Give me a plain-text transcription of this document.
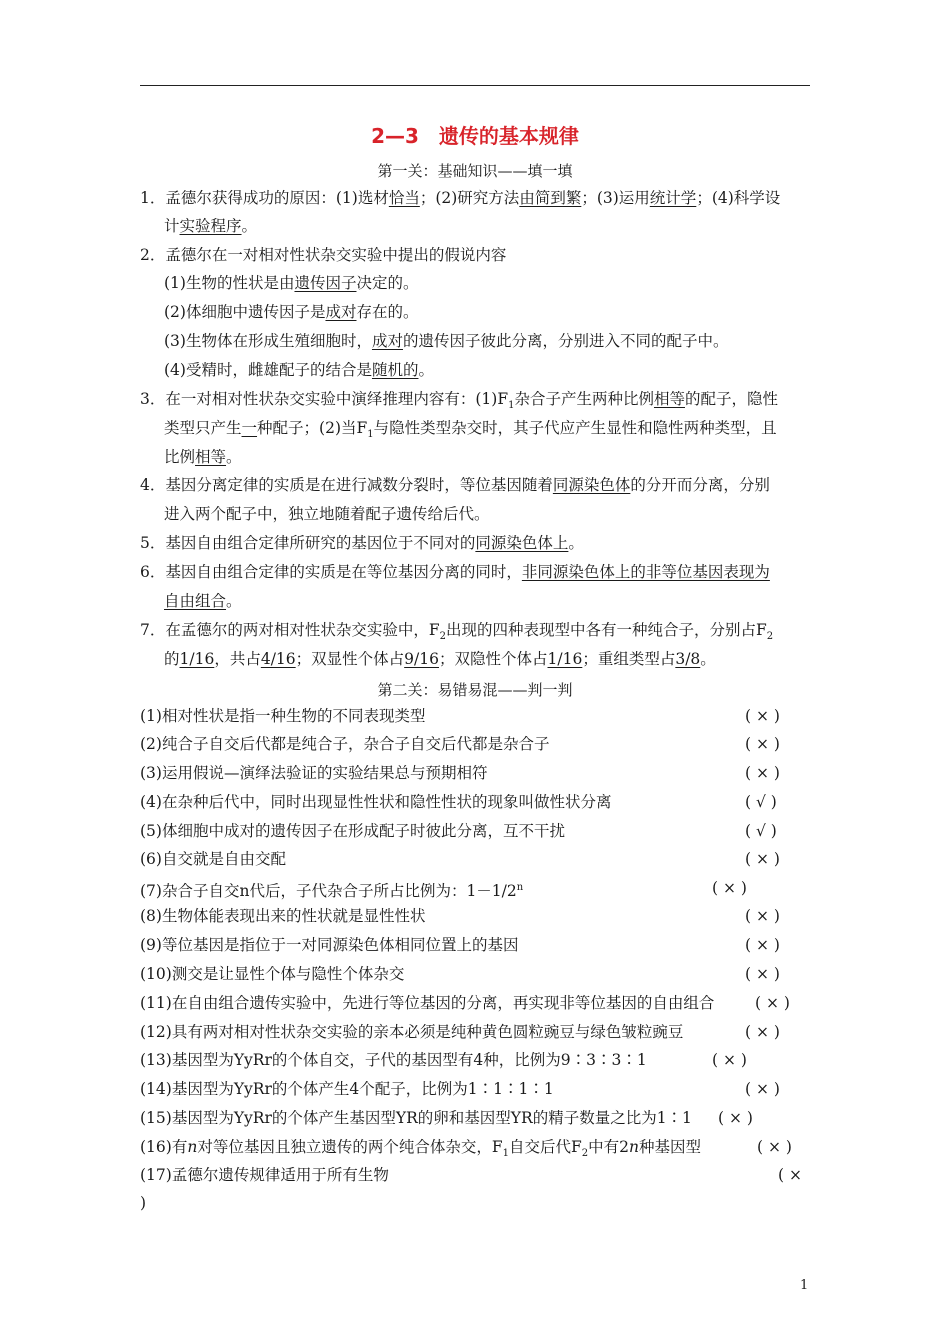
2—3　遗传的基本规律
第一关：基础知识——填一填
1．孟德尔获得成功的原因：(1)选材恰当；(2)研究方法由简到繁；(3)运用统计学；(4)科学设
计实验程序。
2．孟德尔在一对相对性状杂交实验中提出的假说内容
(1)生物的性状是由遗传因子决定的。
(2)体细胞中遗传因子是成对存在的。
(3)生物体在形成生殖细胞时，成对的遗传因子彼此分离，分别进入不同的配子中。
(4)受精时，雌雄配子的结合是随机的。
3．在一对相对性状杂交实验中演绎推理内容有：$(1)F_1$杂合子产生两种比例相等的配子，隐性
类型只产生一种配子；(2)当$F_1$与隐性类型杂交时，其子代应产生显性和隐性两种类型，且
比例相等。
4．基因分离定律的实质是在进行减数分裂时，等位基因随着同源染色体的分开而分离，分别
进入两个配子中，独立地随着配子遗传给后代。
5．基因自由组合定律所研究的基因位于不同对的同源染色体上。
6．基因自由组合定律的实质是在等位基因分离的同时，非同源染色体上的非等位基因表现为
自由组合。
7．在孟德尔的两对相对性状杂交实验中，$F_2$出现的四种表现型中各有一种纯合子，分别占$F_2$
的1/16，共占4/16；双显性个体占9/16；双隐性个体占1/16；重组类型占3/8。
第二关：易错易混——判一判
(1)相对性状是指一种生物的不同表现类型	( × )
(2)纯合子自交后代都是纯合子，杂合子自交后代都是杂合子	( × )
(3)运用假说—演绎法验证的实验结果总与预期相符	( × )
(4)在杂种后代中，同时出现显性性状和隐性性状的现象叫做性状分离	( √ )
(5)体细胞中成对的遗传因子在形成配子时彼此分离，互不干扰	( √ )
(6)自交就是自由交配	( × )
(7)杂合子自交n代后，子代杂合子所占比例为：$1-1/2^n$	( × )
(8)生物体能表现出来的性状就是显性性状	( × )
(9)等位基因是指位于一对同源染色体相同位置上的基因	( × )
(10)测交是让显性个体与隐性个体杂交	( × )
(11)在自由组合遗传实验中，先进行等位基因的分离，再实现非等位基因的自由组合	( × )
(12)具有两对相对性状杂交实验的亲本必须是纯种黄色圆粒豌豆与绿色皱粒豌豆	( × )
(13)基因型为YyRr的个体自交，子代的基因型有4种，比例为9∶3∶3∶1	( × )
(14)基因型为YyRr的个体产生4个配子，比例为1∶1∶1∶1	( × )
(15)基因型为YyRr的个体产生基因型YR的卵和基因型YR的精子数量之比为1∶1 ( × )
(16)有n对等位基因且独立遗传的两个纯合体杂交，$F_1$自交后代$F_2$中有2n种基因型	( × )
(17)孟德尔遗传规律适用于所有生物	( ×
)
1
